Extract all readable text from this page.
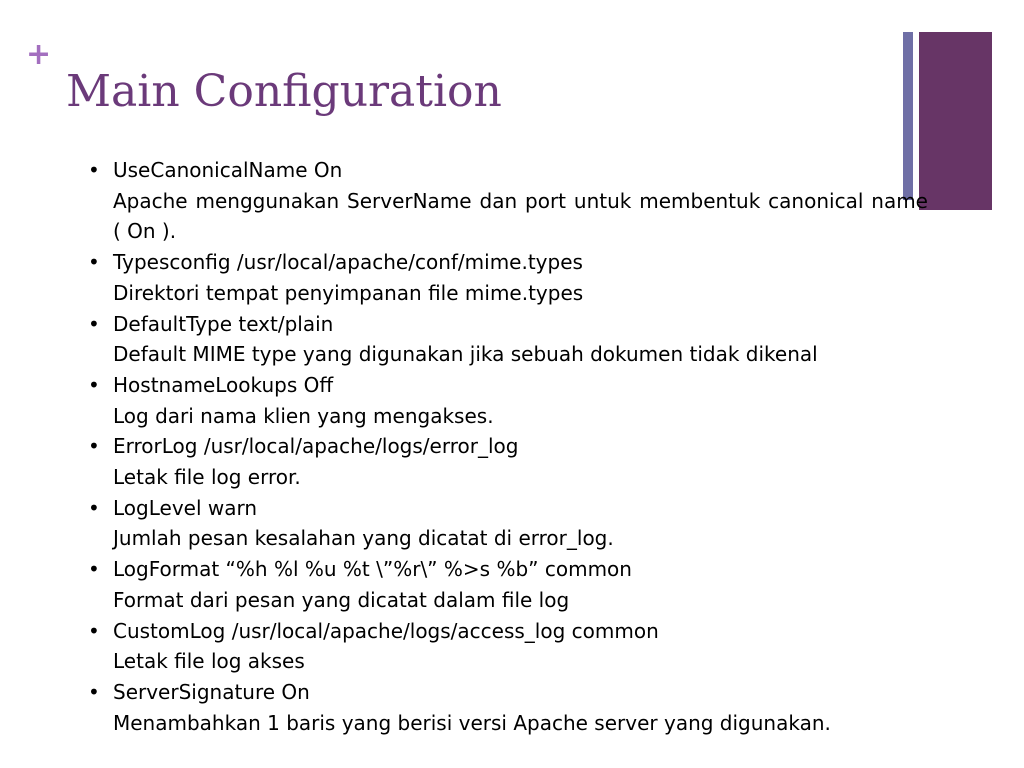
+
Main Configuration
• UseCanonicalName On
Apache menggunakan ServerName dan port untuk membentuk canonical name ( On ).
• Typesconfig /usr/local/apache/conf/mime.types
Direktori tempat penyimpanan file mime.types
• DefaultType text/plain
Default MIME type yang digunakan jika sebuah dokumen tidak dikenal
• HostnameLookups Off
Log dari nama klien yang mengakses.
• ErrorLog /usr/local/apache/logs/error_log
Letak file log error.
• LogLevel warn
Jumlah pesan kesalahan yang dicatat di error_log.
• LogFormat “%h %l %u %t \”%r\” %>s %b” common
Format dari pesan yang dicatat dalam file log
• CustomLog /usr/local/apache/logs/access_log common
Letak file log akses
• ServerSignature On
Menambahkan 1 baris yang berisi versi Apache server yang digunakan.
